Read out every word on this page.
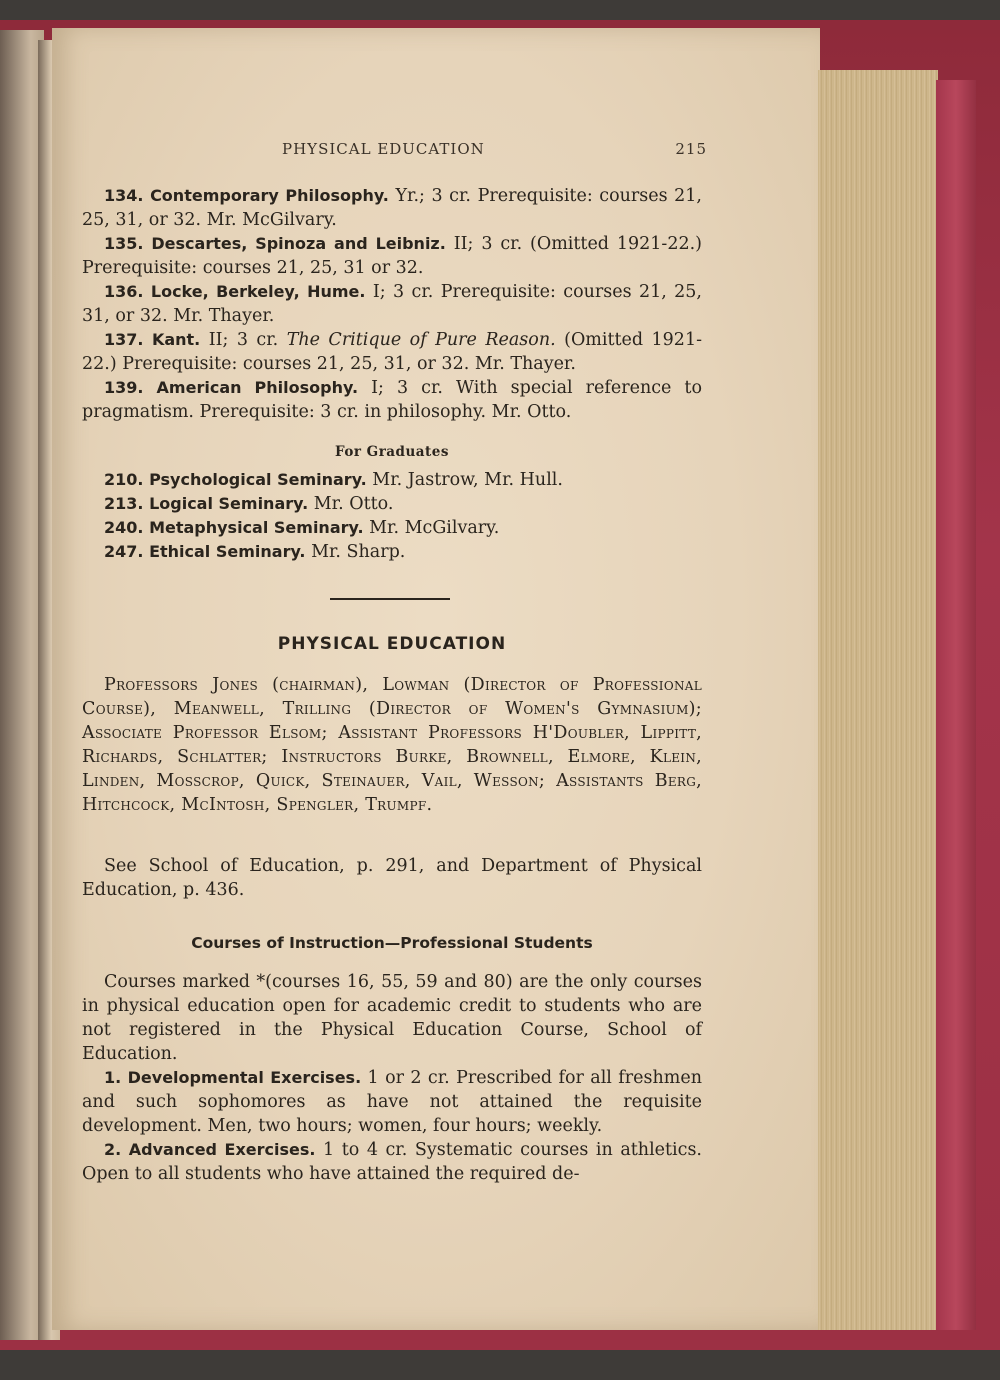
PHYSICAL EDUCATION	215

134. Contemporary Philosophy. Yr.; 3 cr. Prerequisite: courses 21, 25, 31, or 32. Mr. McGilvary.

135. Descartes, Spinoza and Leibniz. II; 3 cr. (Omitted 1921-22.) Prerequisite: courses 21, 25, 31 or 32.

136. Locke, Berkeley, Hume. I; 3 cr. Prerequisite: courses 21, 25, 31, or 32. Mr. Thayer.

137. Kant. II; 3 cr. The Critique of Pure Reason. (Omitted 1921-22.) Prerequisite: courses 21, 25, 31, or 32. Mr. Thayer.

139. American Philosophy. I; 3 cr. With special reference to pragmatism. Prerequisite: 3 cr. in philosophy. Mr. Otto.

For Graduates

210. Psychological Seminary. Mr. Jastrow, Mr. Hull.

213. Logical Seminary. Mr. Otto.

240. Metaphysical Seminary. Mr. McGilvary.

247. Ethical Seminary. Mr. Sharp.

PHYSICAL EDUCATION

Professors Jones (chairman), Lowman (Director of Professional Course), Meanwell, Trilling (Director of Women's Gymnasium); Associate Professor Elsom; Assistant Professors H'Doubler, Lippitt, Richards, Schlatter; Instructors Burke, Brownell, Elmore, Klein, Linden, Mosscrop, Quick, Steinauer, Vail, Wesson; Assistants Berg, Hitchcock, McIntosh, Spengler, Trumpf.

See School of Education, p. 291, and Department of Physical Education, p. 436.

Courses of Instruction—Professional Students

Courses marked *(courses 16, 55, 59 and 80) are the only courses in physical education open for academic credit to students who are not registered in the Physical Education Course, School of Education.

1. Developmental Exercises. 1 or 2 cr. Prescribed for all freshmen and such sophomores as have not attained the requisite development. Men, two hours; women, four hours; weekly.

2. Advanced Exercises. 1 to 4 cr. Systematic courses in athletics. Open to all students who have attained the required de-
